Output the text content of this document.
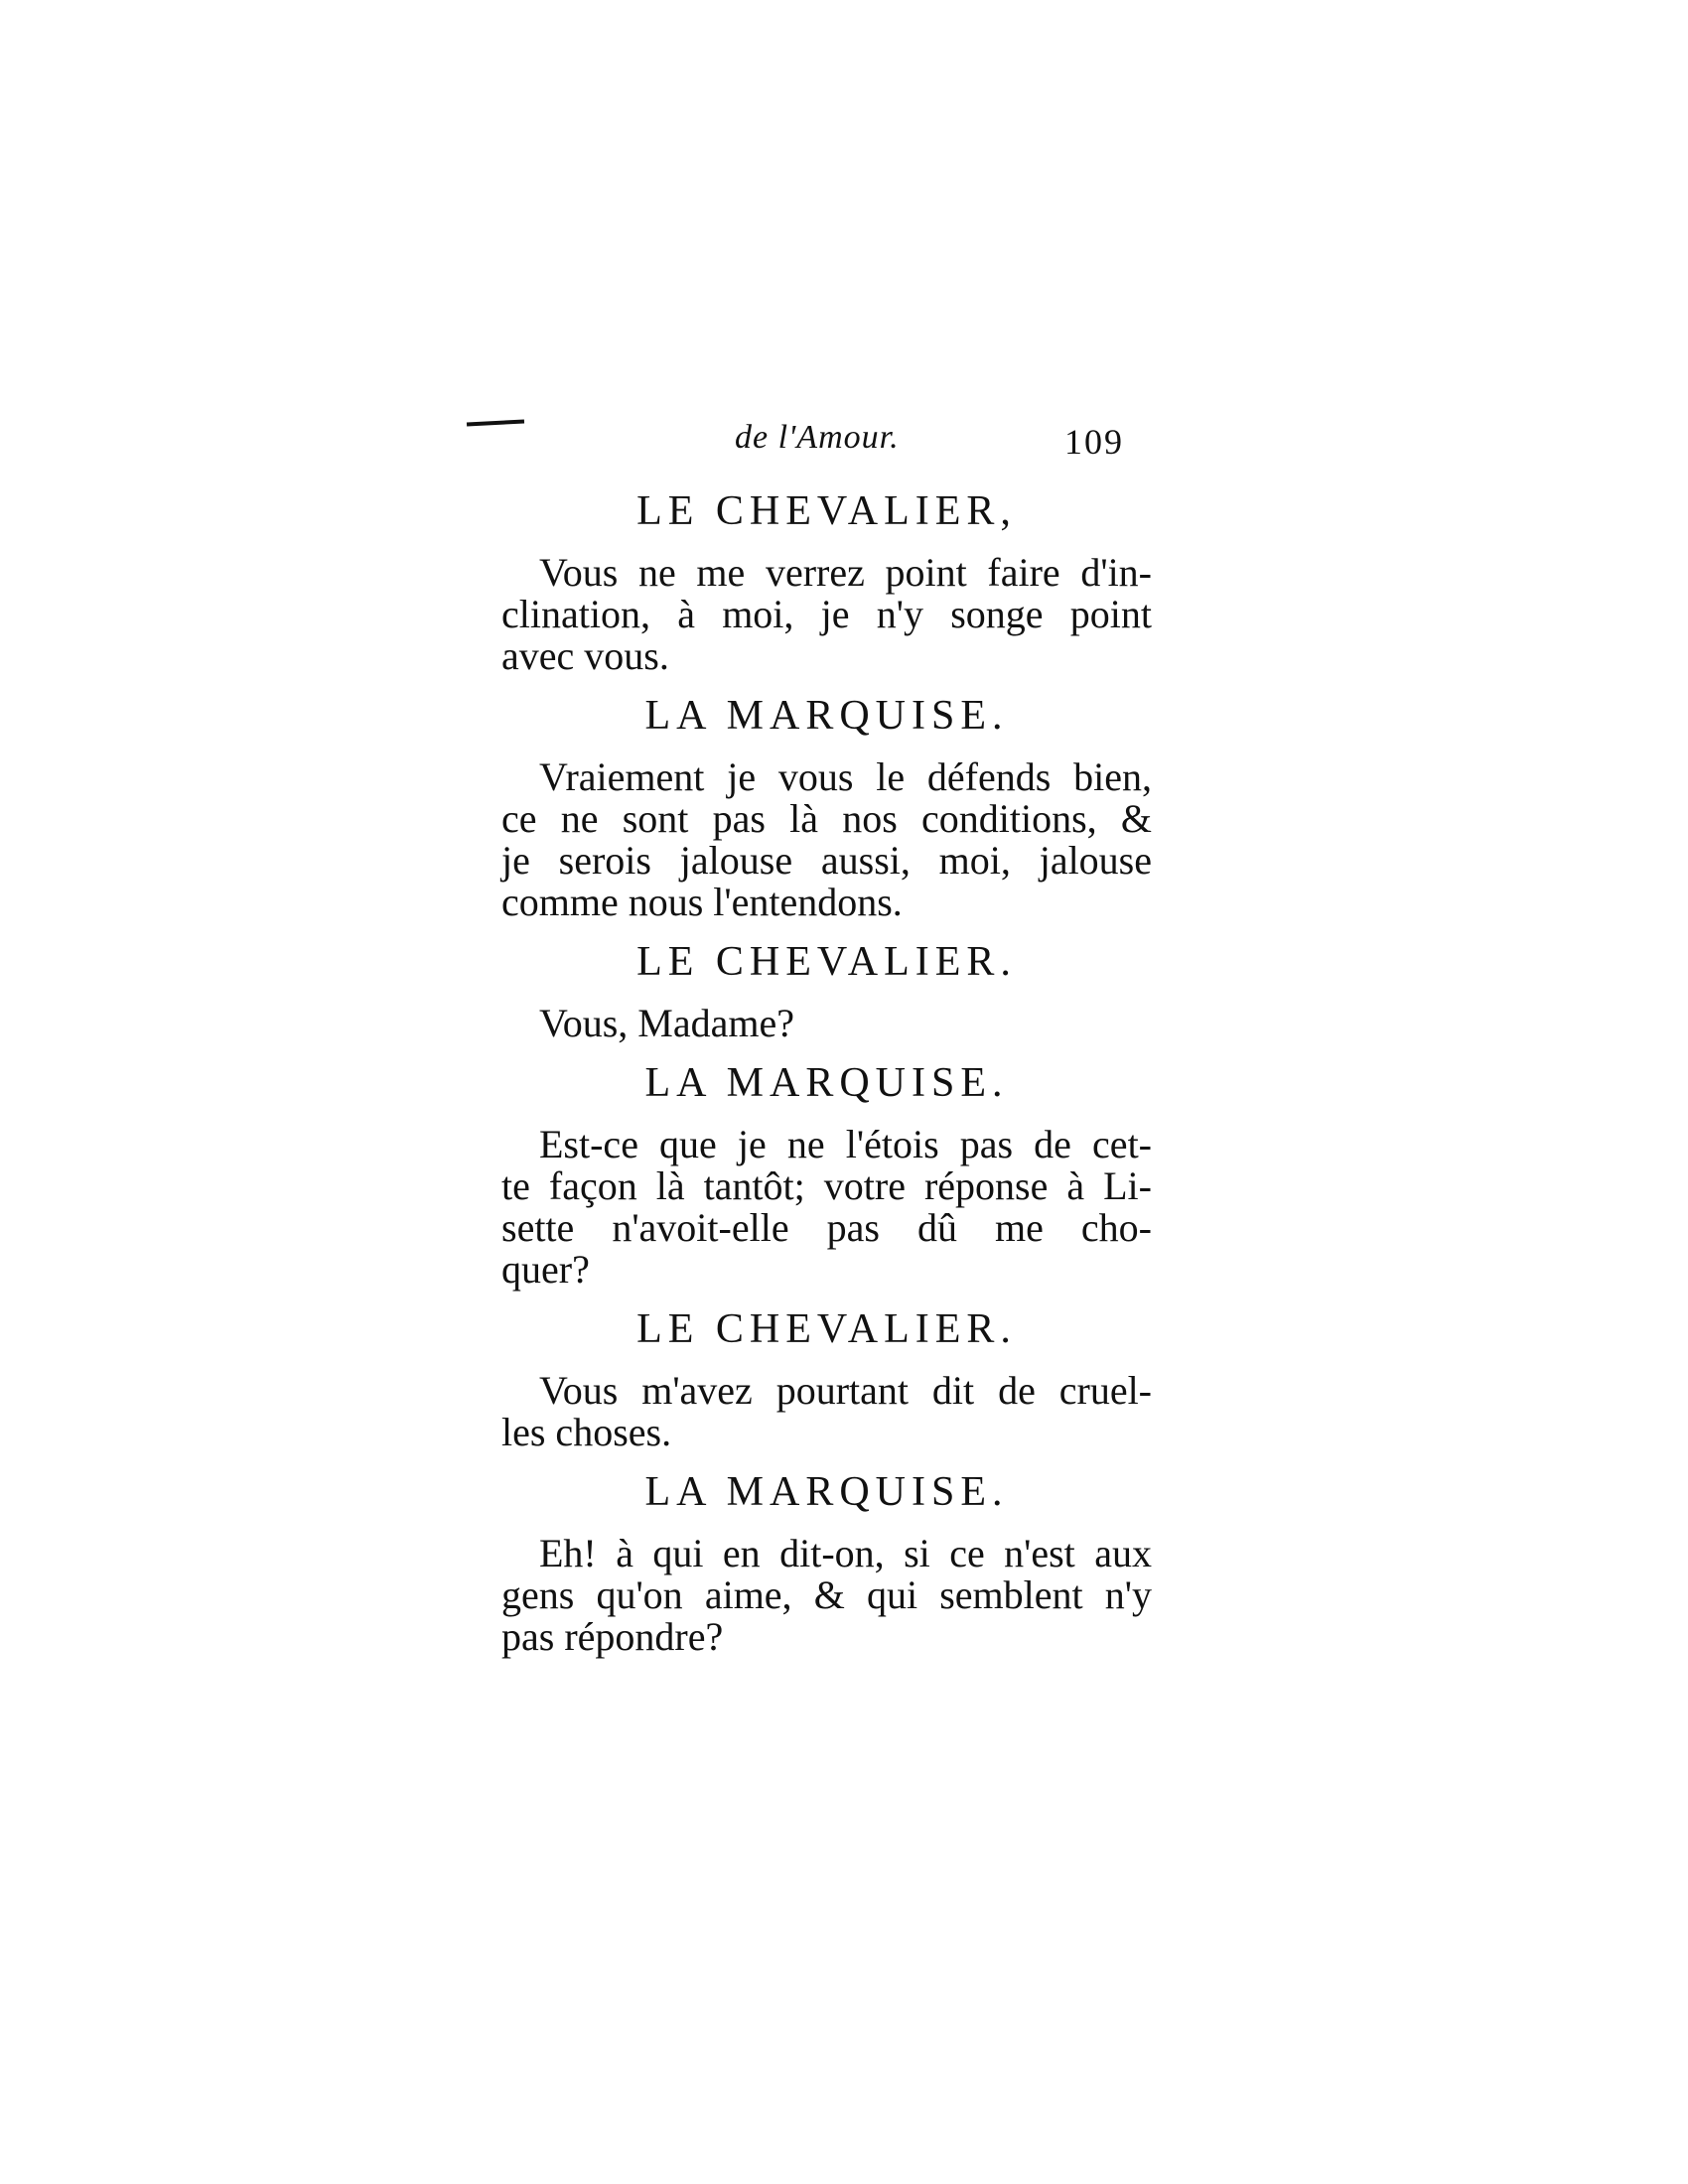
de l'Amour.	109
LE CHEVALIER,
Vous ne me verrez point faire d'in-
clination, à moi, je n'y songe point
avec vous.
LA MARQUISE.
Vraiement je vous le défends bien,
ce ne sont pas là nos conditions, &
je serois jalouse aussi, moi, jalouse
comme nous l'entendons.
LE CHEVALIER.
Vous, Madame?
LA MARQUISE.
Est-ce que je ne l'étois pas de cet-
te façon là tantôt; votre réponse à Li-
sette n'avoit-elle pas dû me cho-
quer?
LE CHEVALIER.
Vous m'avez pourtant dit de cruel-
les choses.
LA MARQUISE.
Eh! à qui en dit-on, si ce n'est aux
gens qu'on aime, & qui semblent n'y
pas répondre?
